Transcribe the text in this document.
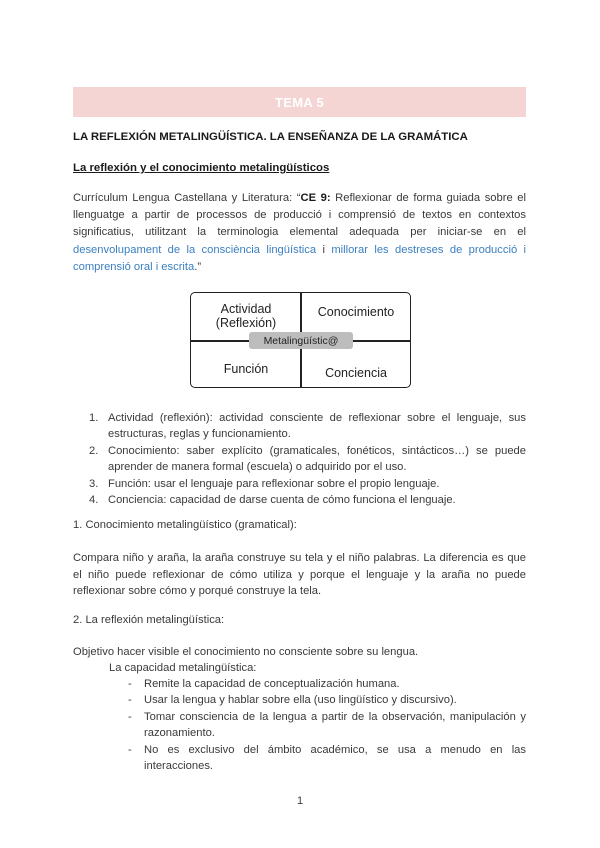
TEMA 5
LA REFLEXIÓN METALINGÜÍSTICA. LA ENSEÑANZA DE LA GRAMÁTICA
La reflexión y el conocimiento metalingüísticos
Currículum Lengua Castellana y Literatura: “CE 9: Reflexionar de forma guiada sobre el llenguatge a partir de processos de producció i comprensió de textos en contextos significatius, utilitzant la terminologia elemental adequada per iniciar-se en el desenvolupament de la consciència lingüística i millorar les destreses de producció i comprensió oral i escrita.”
Actividad (Reflexión)
Conocimiento
Función	Conciencia
Metalingüístic@
1. Actividad (reflexión): actividad consciente de reflexionar sobre el lenguaje, sus estructuras, reglas y funcionamiento.
2. Conocimiento: saber explícito (gramaticales, fonéticos, sintácticos…) se puede aprender de manera formal (escuela) o adquirido por el uso.
3. Función: usar el lenguaje para reflexionar sobre el propio lenguaje.
4. Conciencia: capacidad de darse cuenta de cómo funciona el lenguaje.
1. Conocimiento metalingüístico (gramatical):
Compara niño y araña, la araña construye su tela y el niño palabras. La diferencia es que el niño puede reflexionar de cómo utiliza y porque el lenguaje y la araña no puede reflexionar sobre cómo y porqué construye la tela.
2. La reflexión metalingüística:
Objetivo hacer visible el conocimiento no consciente sobre su lengua.
La capacidad metalingüística:
- Remite la capacidad de conceptualización humana.
- Usar la lengua y hablar sobre ella (uso lingüístico y discursivo).
- Tomar consciencia de la lengua a partir de la observación, manipulación y razonamiento.
- No es exclusivo del ámbito académico, se usa a menudo en las interacciones.
1
